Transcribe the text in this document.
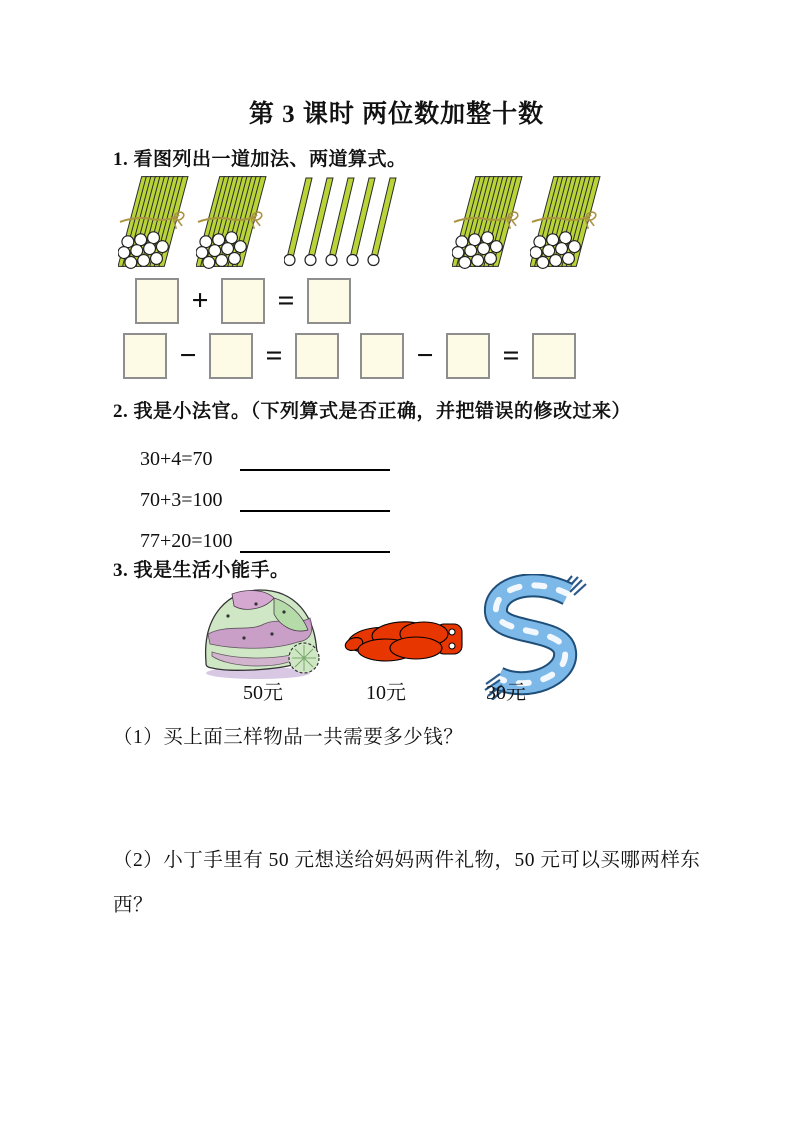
第 3 课时 两位数加整十数
1. 看图列出一道加法、两道算式。
+	=
−	=	−	=
2. 我是小法官。（下列算式是否正确，并把错误的修改过来）
30+4=70
70+3=100
77+20=100
3. 我是生活小能手。
50元	10元	30元
（1）买上面三样物品一共需要多少钱？
（2）小丁手里有 50 元想送给妈妈两件礼物，50 元可以买哪两样东西？
